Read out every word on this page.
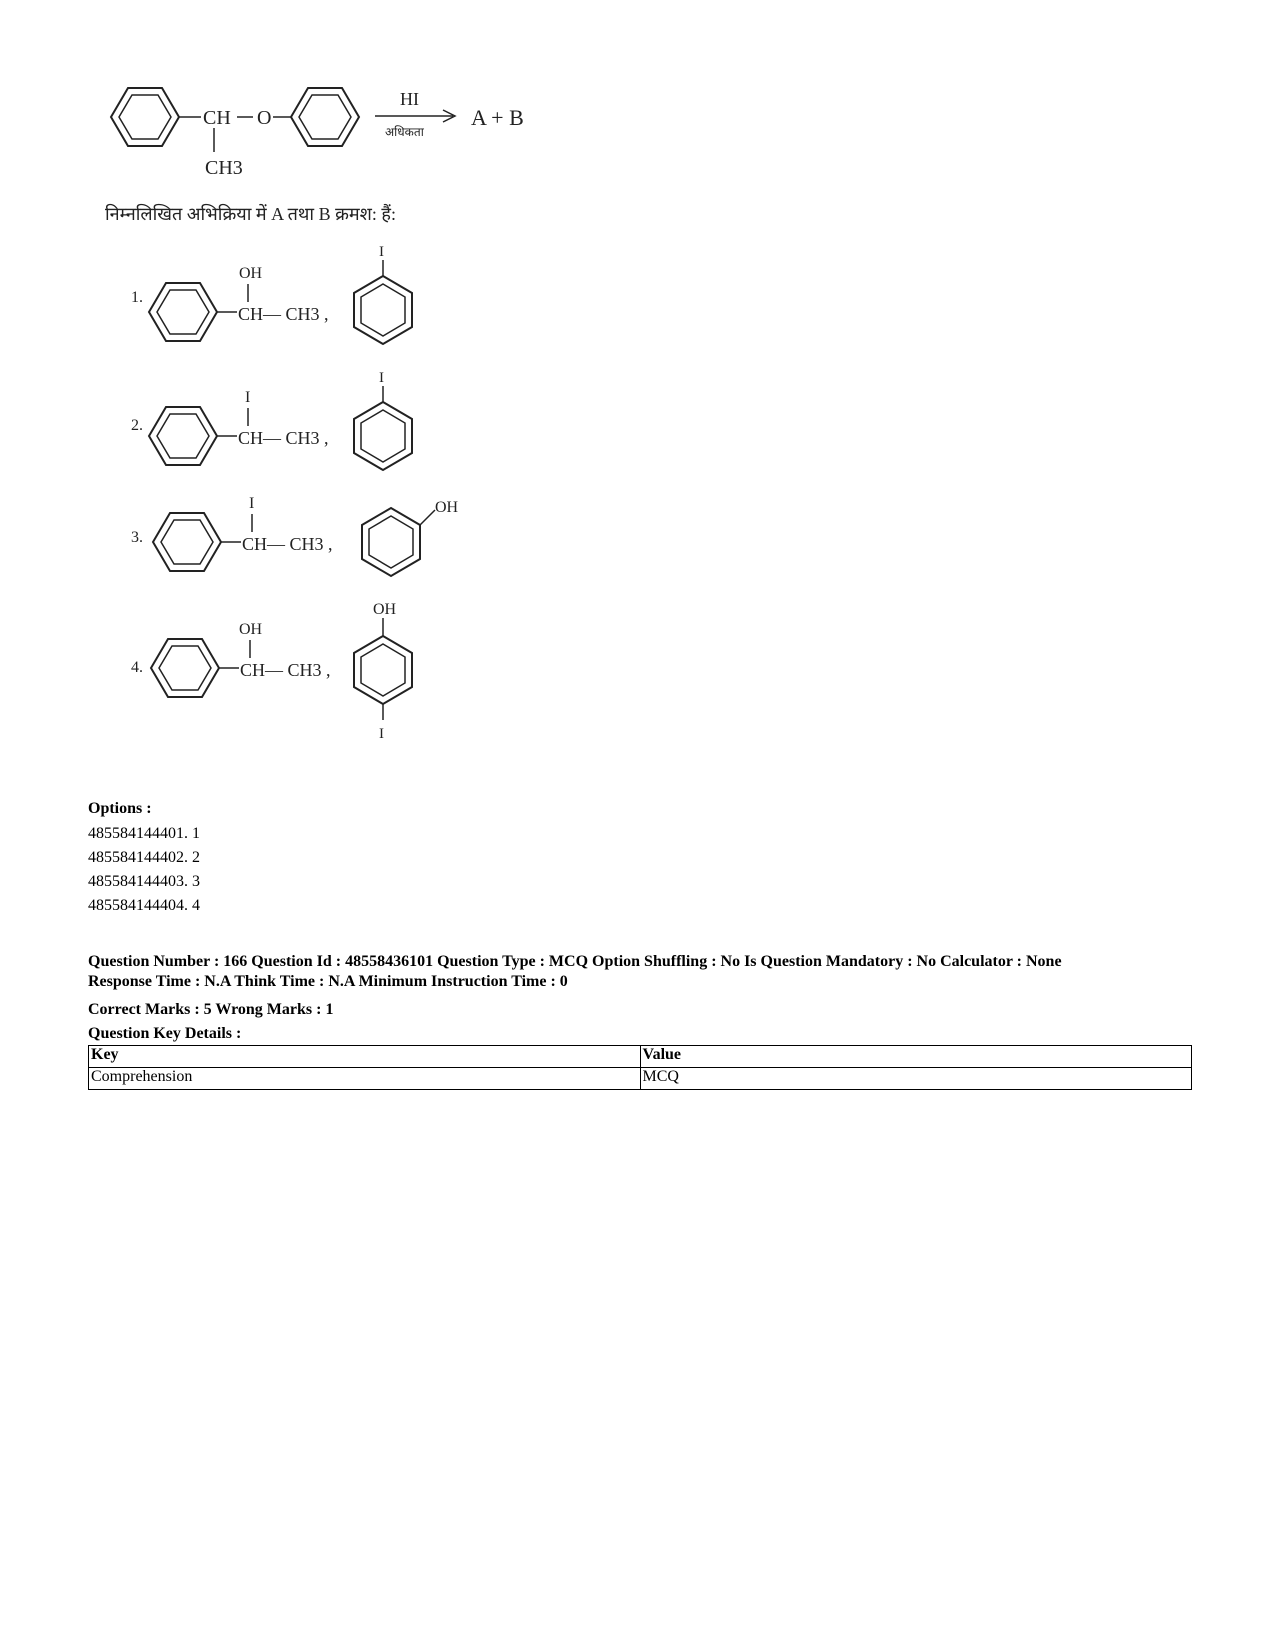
CH O
CH3
HI
अधिकता
A + B
निम्नलिखित अभिक्रिया में A तथा B क्रमश: हैं:
1.
OH
CH— CH3 ,
I
2.
I
CH— CH3 ,
I
3.
I
CH— CH3 ,
OH
4.
OH
CH— CH3 ,
OH
I
Options :
485584144401. 1
485584144402. 2
485584144403. 3
485584144404. 4
Question Number : 166 Question Id : 48558436101 Question Type : MCQ Option Shuffling : No Is Question Mandatory : No Calculator : None
Response Time : N.A Think Time : N.A Minimum Instruction Time : 0
Correct Marks : 5 Wrong Marks : 1
Question Key Details :
Key	Value
Comprehension	MCQ
